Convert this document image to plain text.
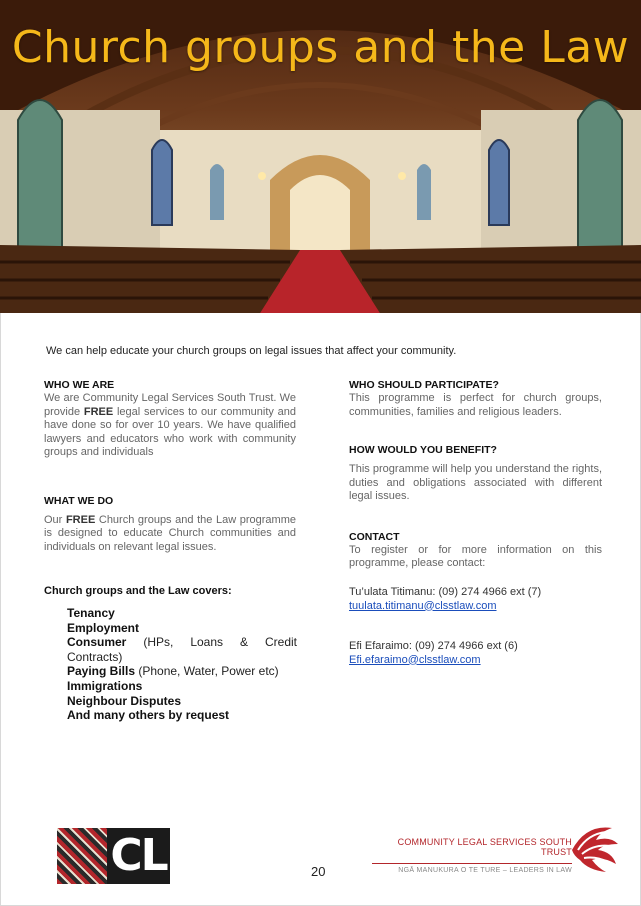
Church groups and the Law
We can help educate your church groups on legal issues that affect your community.

WHO WE ARE

We are Community Legal Services South Trust. We provide FREE legal services to our community and have done so for over 10 years. We have qualified lawyers and educators who work with community groups and individuals

WHAT WE DO

Our FREE Church groups and the Law programme is designed to educate Church communities and individuals on relevant legal issues.

Church groups and the Law covers:
Tenancy
Employment
Consumer (HPs, Loans & Credit Contracts)
Paying Bills (Phone, Water, Power etc)
Immigrations
Neighbour Disputes
And many others by request

WHO SHOULD PARTICIPATE?

This programme is perfect for church groups, communities, families and religious leaders.

HOW WOULD YOU BENEFIT?

This programme will help you understand the rights, duties and obligations associated with different legal issues.

CONTACT

To register or for more information on this programme, please contact:

Tu’ulata Titimanu: (09) 274 4966 ext (7)
tuulata.titimanu@clsstlaw.com
Efi Efaraimo: (09) 274 4966 ext (6)
Efi.efaraimo@clsstlaw.com
CL	20
COMMUNITY LEGAL SERVICES SOUTH TRUST
NGĀ MANUKURA O TE TURE – LEADERS IN LAW
